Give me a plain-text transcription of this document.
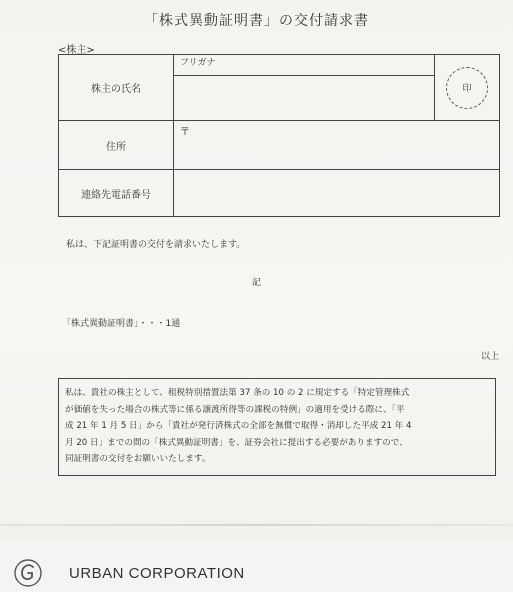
「株式異動証明書」の交付請求書
<株主>
株主の氏名	フリガナ	印

住所	〒	
連絡先電話番号		
私は、下記証明書の交付を請求いたします。
記
「株式異動証明書」・・・1通
以上

私は、貴社の株主として、租税特別措置法第 37 条の 10 の 2 に規定する「特定管理株式

が価値を失った場合の株式等に係る譲渡所得等の課税の特例」の適用を受ける際に、「平

成 21 年 1 月 5 日」から「貴社が発行済株式の全部を無償で取得・消却した平成 21 年 4

月 20 日」までの間の「株式異動証明書」を、証券会社に提出する必要がありますので、

同証明書の交付をお願いいたします。

URBAN CORPORATION
